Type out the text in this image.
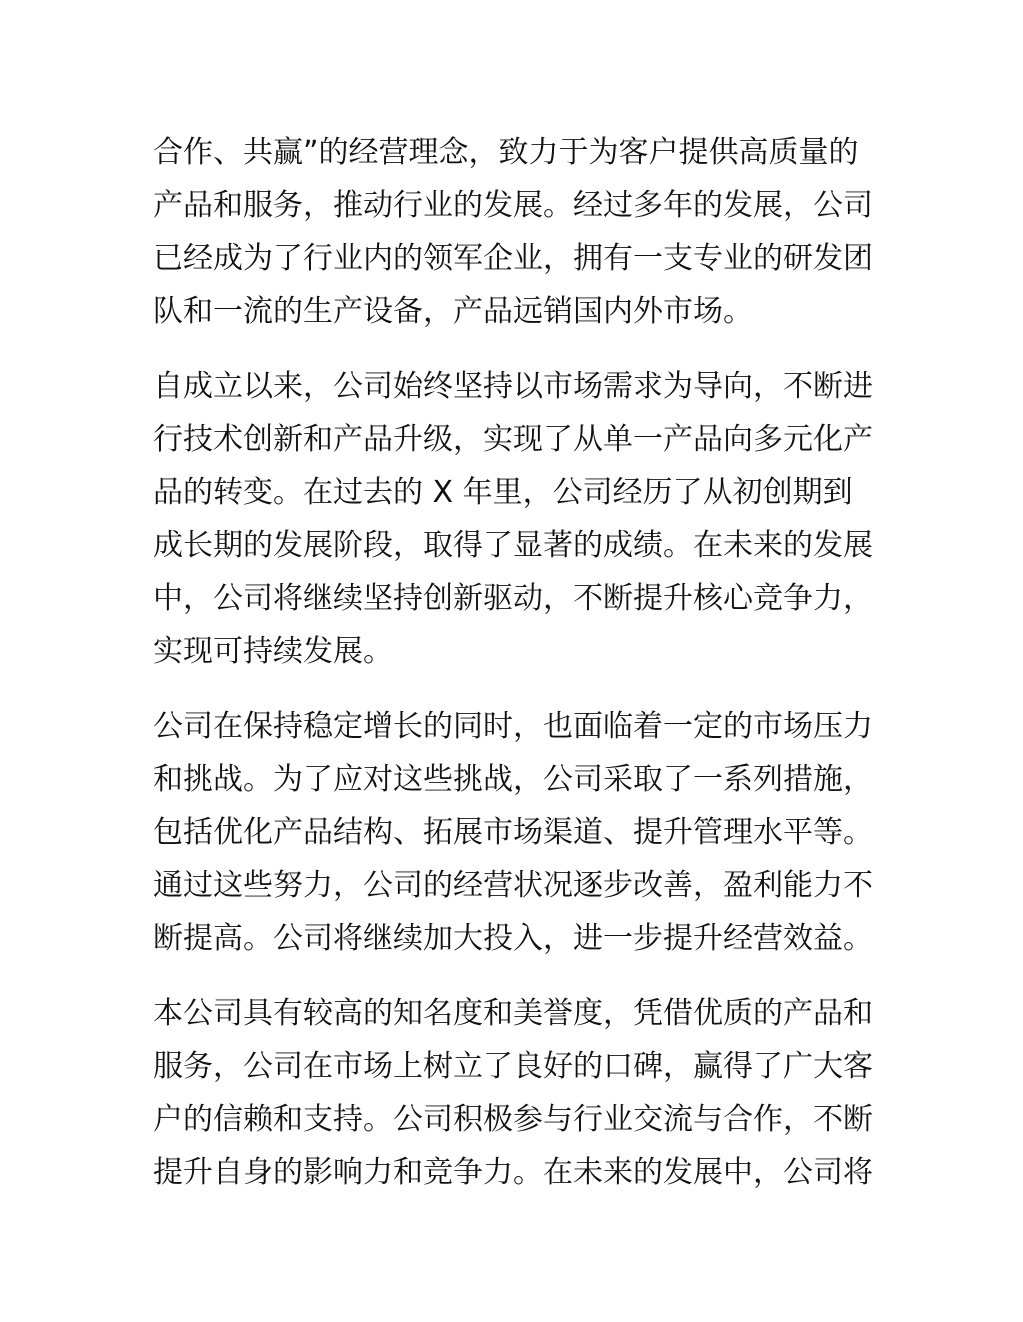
合作、共赢”的经营理念，致力于为客户提供高质量的
产品和服务，推动行业的发展。经过多年的发展，公司
已经成为了行业内的领军企业，拥有一支专业的研发团
队和一流的生产设备，产品远销国内外市场。
自成立以来，公司始终坚持以市场需求为导向，不断进
行技术创新和产品升级，实现了从单一产品向多元化产
品的转变。在过去的 X 年里，公司经历了从初创期到
成长期的发展阶段，取得了显著的成绩。在未来的发展
中，公司将继续坚持创新驱动，不断提升核心竞争力，
实现可持续发展。
公司在保持稳定增长的同时，也面临着一定的市场压力
和挑战。为了应对这些挑战，公司采取了一系列措施，
包括优化产品结构、拓展市场渠道、提升管理水平等。
通过这些努力，公司的经营状况逐步改善，盈利能力不
断提高。公司将继续加大投入，进一步提升经营效益。
本公司具有较高的知名度和美誉度，凭借优质的产品和
服务，公司在市场上树立了良好的口碑，赢得了广大客
户的信赖和支持。公司积极参与行业交流与合作，不断
提升自身的影响力和竞争力。在未来的发展中，公司将
